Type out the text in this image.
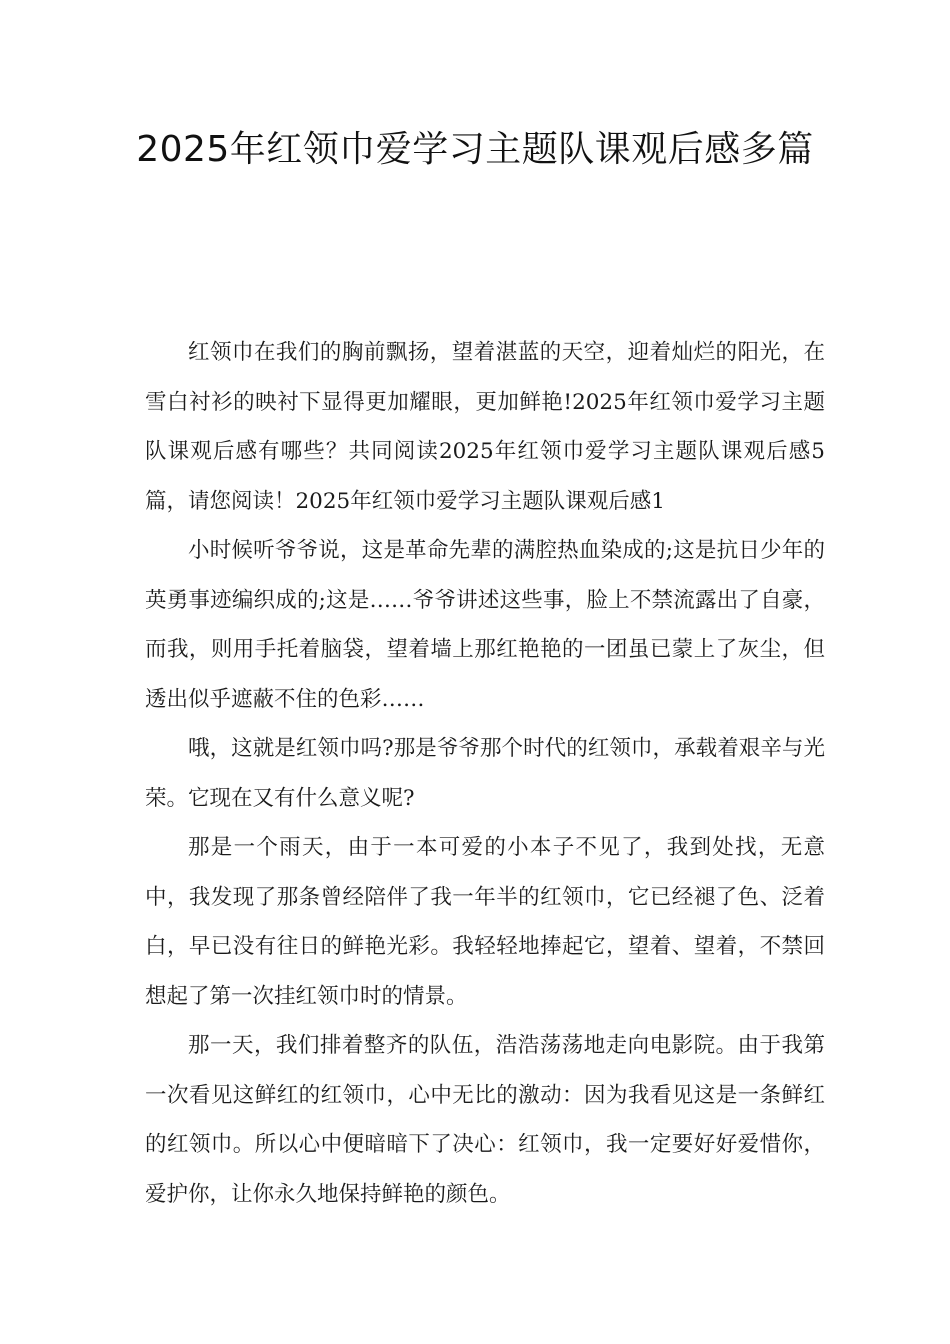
2025年红领巾爱学习主题队课观后感多篇

红领巾在我们的胸前飘扬，望着湛蓝的天空，迎着灿烂的阳光，在雪白衬衫的映衬下显得更加耀眼，更加鲜艳!2025年红领巾爱学习主题队课观后感有哪些？共同阅读2025年红领巾爱学习主题队课观后感5篇，请您阅读！2025年红领巾爱学习主题队课观后感1

小时候听爷爷说，这是革命先辈的满腔热血染成的;这是抗日少年的英勇事迹编织成的;这是……爷爷讲述这些事，脸上不禁流露出了自豪，而我，则用手托着脑袋，望着墙上那红艳艳的一团虽已蒙上了灰尘，但透出似乎遮蔽不住的色彩……

哦，这就是红领巾吗?那是爷爷那个时代的红领巾，承载着艰辛与光荣。它现在又有什么意义呢?

那是一个雨天，由于一本可爱的小本子不见了，我到处找，无意中，我发现了那条曾经陪伴了我一年半的红领巾，它已经褪了色、泛着白，早已没有往日的鲜艳光彩。我轻轻地捧起它，望着、望着，不禁回想起了第一次挂红领巾时的情景。

那一天，我们排着整齐的队伍，浩浩荡荡地走向电影院。由于我第一次看见这鲜红的红领巾，心中无比的激动：因为我看见这是一条鲜红的红领巾。所以心中便暗暗下了决心：红领巾，我一定要好好爱惜你，爱护你，让你永久地保持鲜艳的颜色。
